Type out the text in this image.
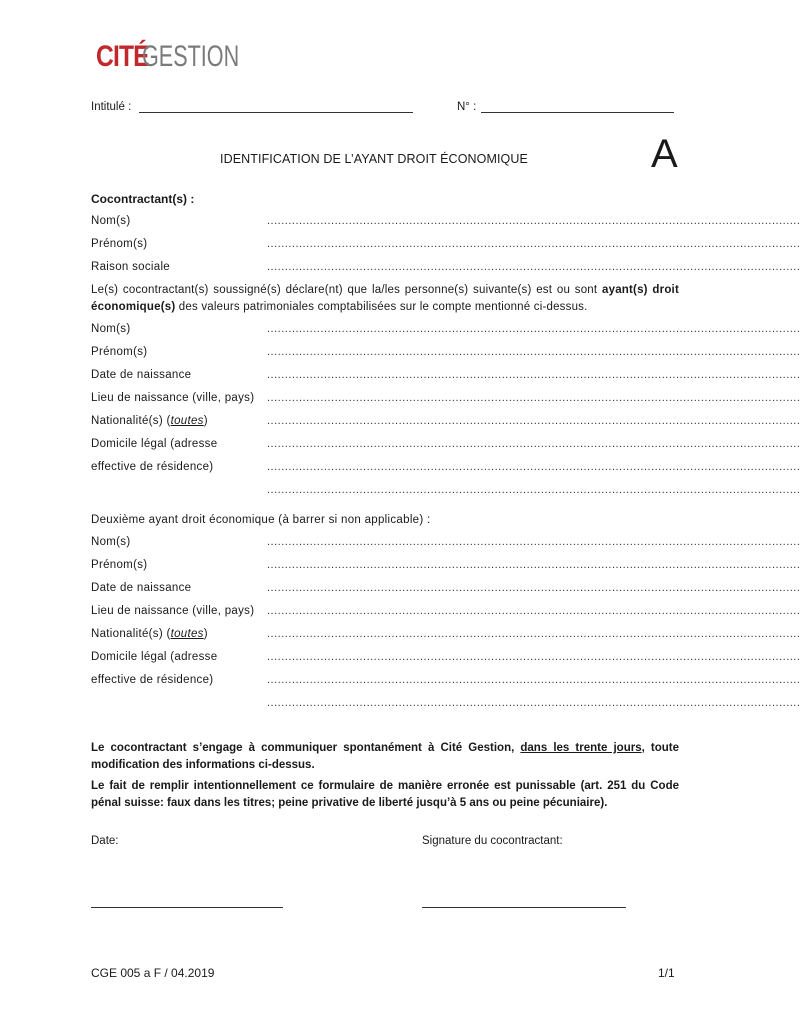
CITÉ
GESTION
Intitulé :	N° :
IDENTIFICATION DE L’AYANT DROIT ÉCONOMIQUE	A
Cocontractant(s) :
Nom(s)	......................................................................................................................................................
Prénom(s)	......................................................................................................................................................
Raison sociale	......................................................................................................................................................
Le(s) cocontractant(s) soussigné(s) déclare(nt) que la/les personne(s) suivante(s) est ou sont ayant(s) droit économique(s) des valeurs patrimoniales comptabilisées sur le compte mentionné ci-dessus.
Nom(s)	......................................................................................................................................................
Prénom(s)	......................................................................................................................................................
Date de naissance	......................................................................................................................................................
Lieu de naissance (ville, pays) ......................................................................................................................................................
Nationalité(s) (toutes)	......................................................................................................................................................
Domicile légal (adresse	......................................................................................................................................................
effective de résidence)	......................................................................................................................................................
......................................................................................................................................................
Deuxième ayant droit économique (à barrer si non applicable) :
Nom(s)	......................................................................................................................................................
Prénom(s)	......................................................................................................................................................
Date de naissance	......................................................................................................................................................
Lieu de naissance (ville, pays) ......................................................................................................................................................
Nationalité(s) (toutes)	......................................................................................................................................................
Domicile légal (adresse	......................................................................................................................................................
effective de résidence)	......................................................................................................................................................
......................................................................................................................................................
Le cocontractant s’engage à communiquer spontanément à Cité Gestion, dans les trente jours, toute modification des informations ci-dessus.
Le fait de remplir intentionnellement ce formulaire de manière erronée est punissable (art. 251 du Code pénal suisse: faux dans les titres; peine privative de liberté jusqu’à 5 ans ou peine pécuniaire).
Date:	Signature du cocontractant:
CGE 005 a F / 04.2019	1/1
